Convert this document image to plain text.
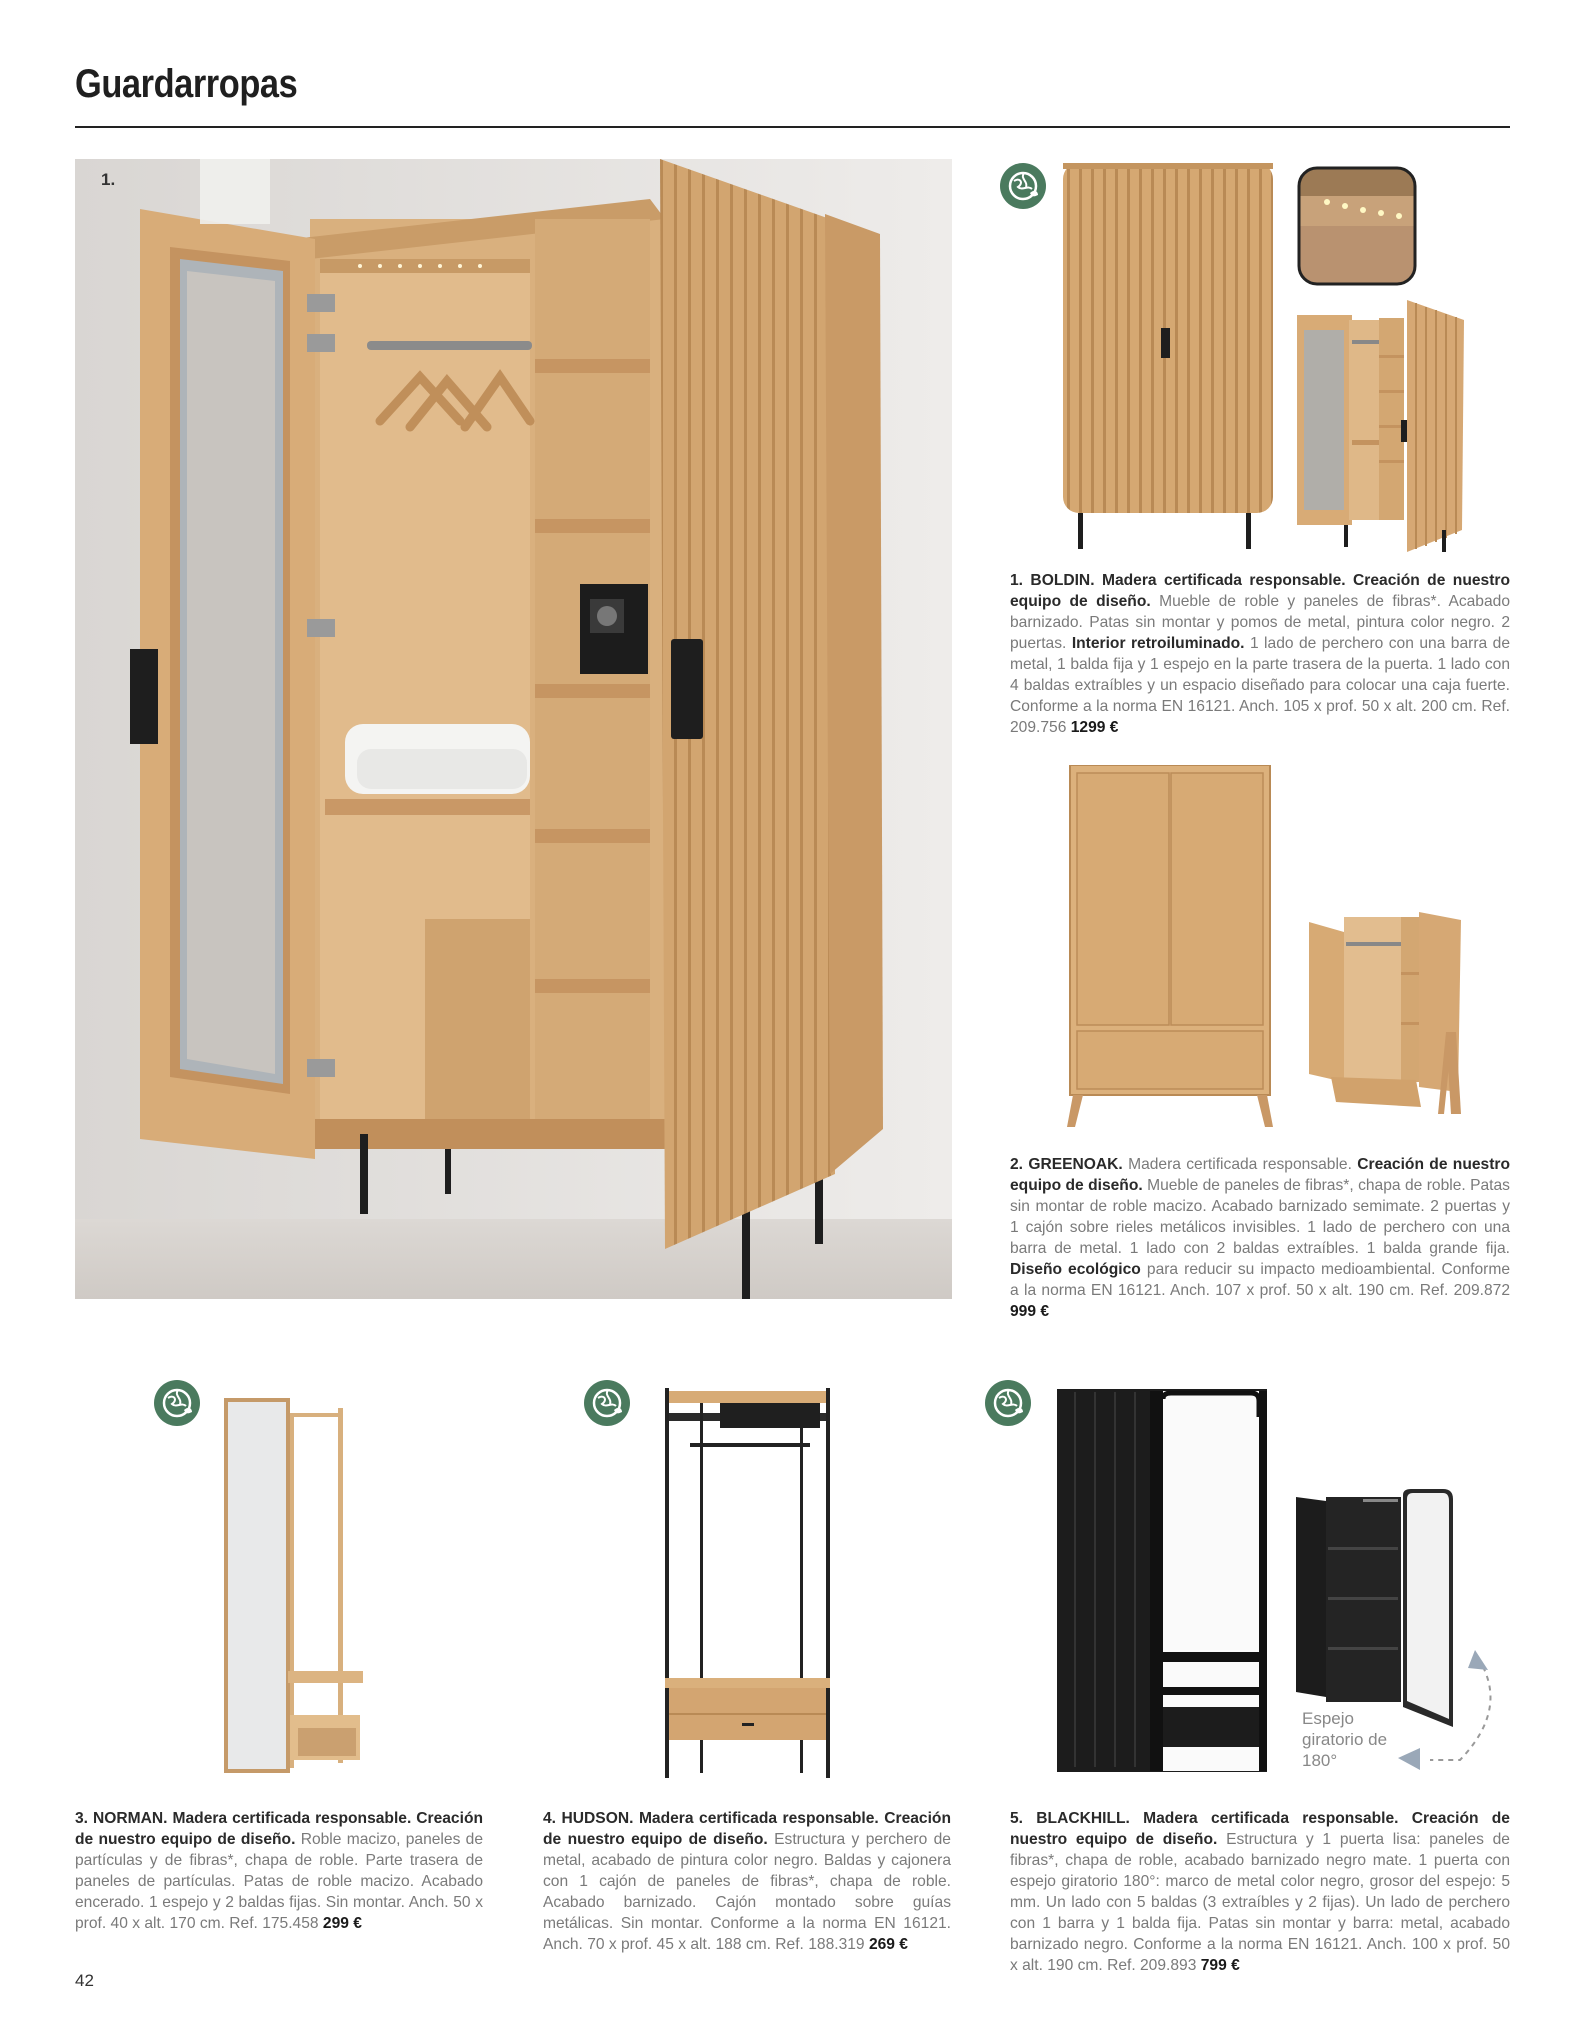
Guardarropas
1.
1. BOLDIN. Madera certificada responsable. Creación de nuestro equipo de diseño. Mueble de roble y paneles de fibras*. Acabado barnizado. Patas sin montar y pomos de metal, pintura color negro. 2 puertas. Interior retroiluminado. 1 lado de perchero con una barra de metal, 1 balda fija y 1 espejo en la parte trasera de la puerta. 1 lado con 4 baldas extraíbles y un espacio diseñado para colocar una caja fuerte. Conforme a la norma EN 16121. Anch. 105 x prof. 50 x alt. 200 cm. Ref. 209.756 1299 €
2. GREENOAK. Madera certificada responsable. Creación de nuestro equipo de diseño. Mueble de paneles de fibras*, chapa de roble. Patas sin montar de roble macizo. Acabado barnizado semimate. 2 puertas y 1 cajón sobre rieles metálicos invisibles. 1 lado de perchero con una barra de metal. 1 lado con 2 baldas extraíbles. 1 balda grande fija. Diseño ecológico para reducir su impacto medioambiental. Conforme a la norma EN 16121. Anch. 107 x prof. 50 x alt. 190 cm. Ref. 209.872 999 €
Espejo
giratorio de
180°
3. NORMAN. Madera certificada responsable. Creación de nuestro equipo de diseño. Roble macizo, paneles de partículas y de fibras*, chapa de roble. Parte trasera de paneles de partículas. Patas de roble macizo. Acabado encerado. 1 espejo y 2 baldas fijas. Sin montar. Anch. 50 x prof. 40 x alt. 170 cm. Ref. 175.458 299 €
4. HUDSON. Madera certificada responsable. Creación de nuestro equipo de diseño. Estructura y perchero de metal, acabado de pintura color negro. Baldas y cajonera con 1 cajón de paneles de fibras*, chapa de roble. Acabado barnizado. Cajón montado sobre guías metálicas. Sin montar. Conforme a la norma EN 16121. Anch. 70 x prof. 45 x alt. 188 cm. Ref. 188.319 269 €
5. BLACKHILL. Madera certificada responsable. Creación de nuestro equipo de diseño. Estructura y 1 puerta lisa: paneles de fibras*, chapa de roble, acabado barnizado negro mate. 1 puerta con espejo giratorio 180°: marco de metal color negro, grosor del espejo: 5 mm. Un lado con 5 baldas (3 extraíbles y 2 fijas). Un lado de perchero con 1 barra y 1 balda fija. Patas sin montar y barra: metal, acabado barnizado negro. Conforme a la norma EN 16121. Anch. 100 x prof. 50 x alt. 190 cm. Ref. 209.893 799 €
42
